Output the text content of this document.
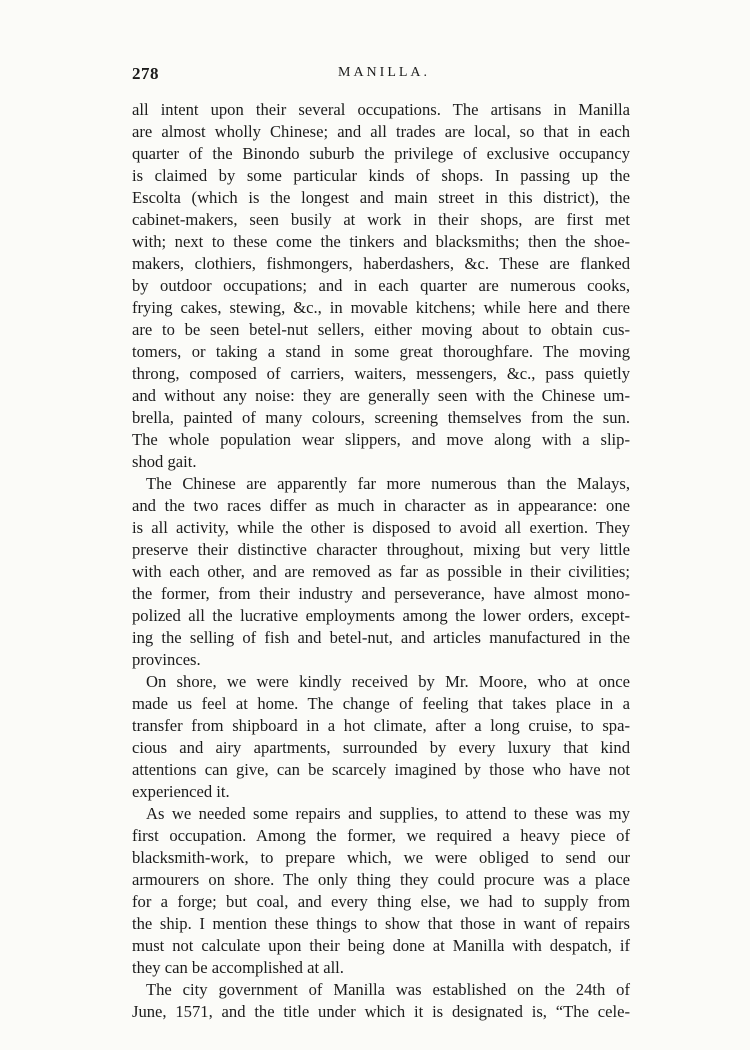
278	MANILLA.
all intent upon their several occupations. The artisans in Manilla
are almost wholly Chinese; and all trades are local, so that in each
quarter of the Binondo suburb the privilege of exclusive occupancy
is claimed by some particular kinds of shops. In passing up the
Escolta (which is the longest and main street in this district), the
cabinet-makers, seen busily at work in their shops, are first met
with; next to these come the tinkers and blacksmiths; then the shoe-
makers, clothiers, fishmongers, haberdashers, &c. These are flanked
by outdoor occupations; and in each quarter are numerous cooks,
frying cakes, stewing, &c., in movable kitchens; while here and there
are to be seen betel-nut sellers, either moving about to obtain cus-
tomers, or taking a stand in some great thoroughfare. The moving
throng, composed of carriers, waiters, messengers, &c., pass quietly
and without any noise: they are generally seen with the Chinese um-
brella, painted of many colours, screening themselves from the sun.
The whole population wear slippers, and move along with a slip-
shod gait.
The Chinese are apparently far more numerous than the Malays,
and the two races differ as much in character as in appearance: one
is all activity, while the other is disposed to avoid all exertion. They
preserve their distinctive character throughout, mixing but very little
with each other, and are removed as far as possible in their civilities;
the former, from their industry and perseverance, have almost mono-
polized all the lucrative employments among the lower orders, except-
ing the selling of fish and betel-nut, and articles manufactured in the
provinces.
On shore, we were kindly received by Mr. Moore, who at once
made us feel at home. The change of feeling that takes place in a
transfer from shipboard in a hot climate, after a long cruise, to spa-
cious and airy apartments, surrounded by every luxury that kind
attentions can give, can be scarcely imagined by those who have not
experienced it.
As we needed some repairs and supplies, to attend to these was my
first occupation. Among the former, we required a heavy piece of
blacksmith-work, to prepare which, we were obliged to send our
armourers on shore. The only thing they could procure was a place
for a forge; but coal, and every thing else, we had to supply from
the ship. I mention these things to show that those in want of repairs
must not calculate upon their being done at Manilla with despatch, if
they can be accomplished at all.
The city government of Manilla was established on the 24th of
June, 1571, and the title under which it is designated is, “The cele-
